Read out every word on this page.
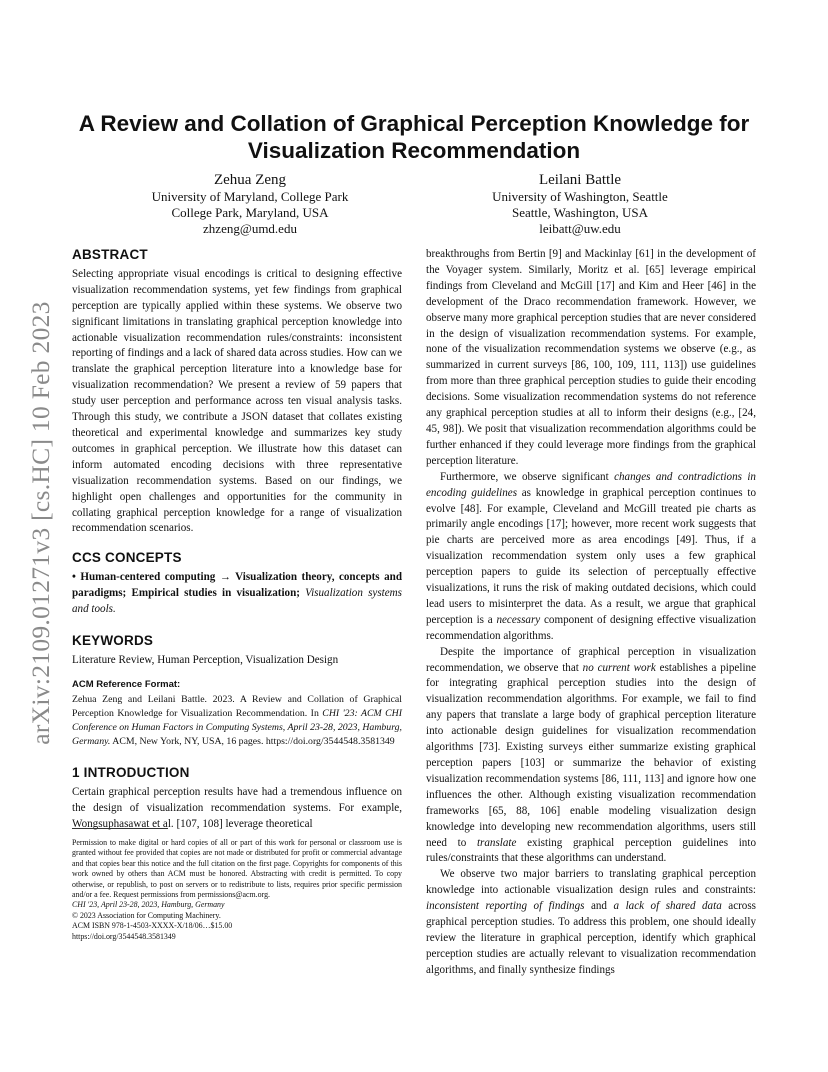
arXiv:2109.01271v3 [cs.HC] 10 Feb 2023
A Review and Collation of Graphical Perception Knowledge for Visualization Recommendation
Zehua Zeng
University of Maryland, College Park
College Park, Maryland, USA
zhzeng@umd.edu
Leilani Battle
University of Washington, Seattle
Seattle, Washington, USA
leibatt@uw.edu
ABSTRACT

Selecting appropriate visual encodings is critical to designing effective visualization recommendation systems, yet few findings from graphical perception are typically applied within these systems. We observe two significant limitations in translating graphical perception knowledge into actionable visualization recommendation rules/constraints: inconsistent reporting of findings and a lack of shared data across studies. How can we translate the graphical perception literature into a knowledge base for visualization recommendation? We present a review of 59 papers that study user perception and performance across ten visual analysis tasks. Through this study, we contribute a JSON dataset that collates existing theoretical and experimental knowledge and summarizes key study outcomes in graphical perception. We illustrate how this dataset can inform automated encoding decisions with three representative visualization recommendation systems. Based on our findings, we highlight open challenges and opportunities for the community in collating graphical perception knowledge for a range of visualization recommendation scenarios.

CCS CONCEPTS

• Human-centered computing → Visualization theory, concepts and paradigms; Empirical studies in visualization; Visualization systems and tools.

KEYWORDS

Literature Review, Human Perception, Visualization Design

ACM Reference Format:

Zehua Zeng and Leilani Battle. 2023. A Review and Collation of Graphical Perception Knowledge for Visualization Recommendation. In CHI '23: ACM CHI Conference on Human Factors in Computing Systems, April 23-28, 2023, Hamburg, Germany. ACM, New York, NY, USA, 16 pages. https://doi.org/3544548.3581349

1 INTRODUCTION

Certain graphical perception results have had a tremendous influence on the design of visualization recommendation systems. For example, Wongsuphasawat et al. [107, 108] leverage theoretical

Permission to make digital or hard copies of all or part of this work for personal or classroom use is granted without fee provided that copies are not made or distributed for profit or commercial advantage and that copies bear this notice and the full citation on the first page. Copyrights for components of this work owned by others than ACM must be honored. Abstracting with credit is permitted. To copy otherwise, or republish, to post on servers or to redistribute to lists, requires prior specific permission and/or a fee. Request permissions from permissions@acm.org.
CHI '23, April 23-28, 2023, Hamburg, Germany
© 2023 Association for Computing Machinery.
ACM ISBN 978-1-4503-XXXX-X/18/06…$15.00
https://doi.org/3544548.3581349

breakthroughs from Bertin [9] and Mackinlay [61] in the development of the Voyager system. Similarly, Moritz et al. [65] leverage empirical findings from Cleveland and McGill [17] and Kim and Heer [46] in the development of the Draco recommendation framework. However, we observe many more graphical perception studies that are never considered in the design of visualization recommendation systems. For example, none of the visualization recommendation systems we observe (e.g., as summarized in current surveys [86, 100, 109, 111, 113]) use guidelines from more than three graphical perception studies to guide their encoding decisions. Some visualization recommendation systems do not reference any graphical perception studies at all to inform their designs (e.g., [24, 45, 98]). We posit that visualization recommendation algorithms could be further enhanced if they could leverage more findings from the graphical perception literature.

Furthermore, we observe significant changes and contradictions in encoding guidelines as knowledge in graphical perception continues to evolve [48]. For example, Cleveland and McGill treated pie charts as primarily angle encodings [17]; however, more recent work suggests that pie charts are perceived more as area encodings [49]. Thus, if a visualization recommendation system only uses a few graphical perception papers to guide its selection of perceptually effective visualizations, it runs the risk of making outdated decisions, which could lead users to misinterpret the data. As a result, we argue that graphical perception is a necessary component of designing effective visualization recommendation algorithms.

Despite the importance of graphical perception in visualization recommendation, we observe that no current work establishes a pipeline for integrating graphical perception studies into the design of visualization recommendation algorithms. For example, we fail to find any papers that translate a large body of graphical perception literature into actionable design guidelines for visualization recommendation algorithms [73]. Existing surveys either summarize existing graphical perception papers [103] or summarize the behavior of existing visualization recommendation systems [86, 111, 113] and ignore how one influences the other. Although existing visualization recommendation frameworks [65, 88, 106] enable modeling visualization design knowledge into developing new recommendation algorithms, users still need to translate existing graphical perception guidelines into rules/constraints that these algorithms can understand.

We observe two major barriers to translating graphical perception knowledge into actionable visualization design rules and constraints: inconsistent reporting of findings and a lack of shared data across graphical perception studies. To address this problem, one should ideally review the literature in graphical perception, identify which graphical perception studies are actually relevant to visualization recommendation algorithms, and finally synthesize findings
